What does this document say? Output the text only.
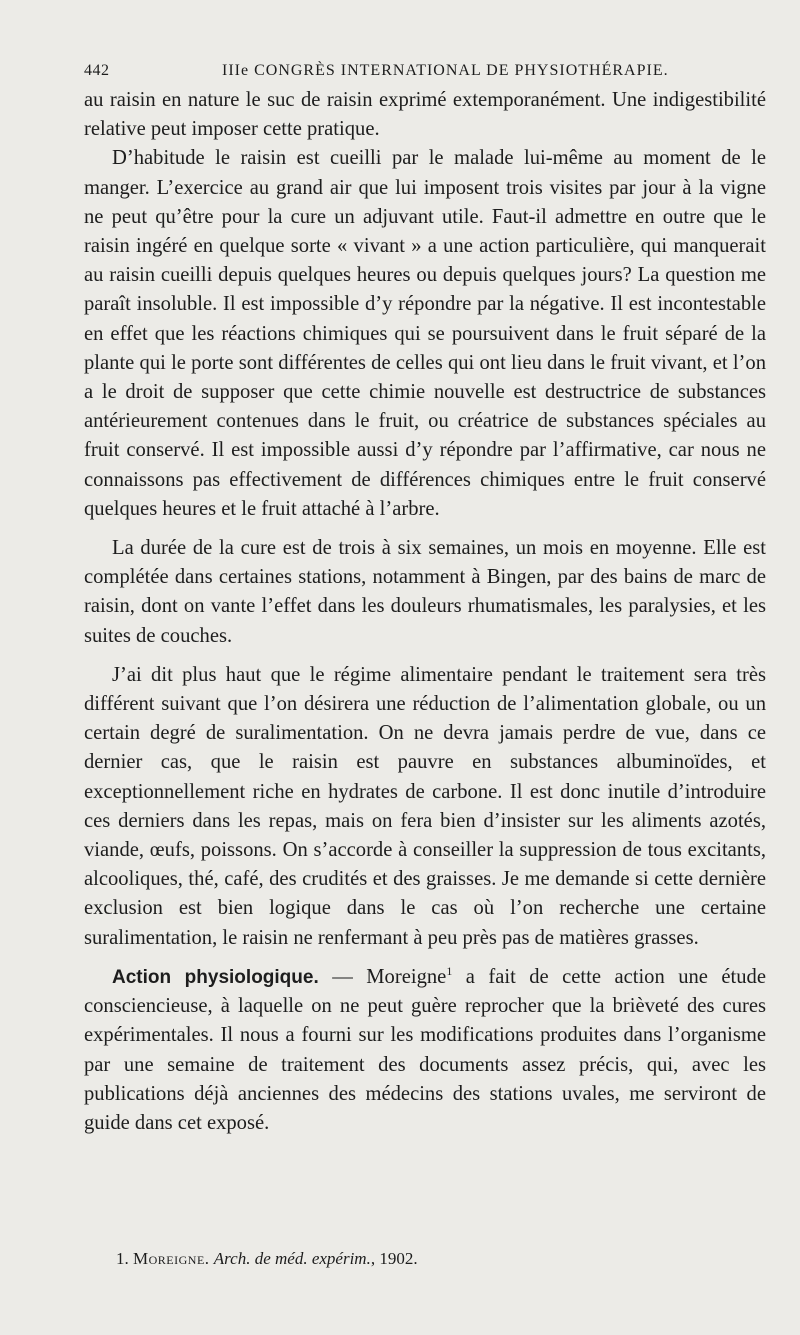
442	IIIe CONGRÈS INTERNATIONAL DE PHYSIOTHÉRAPIE.

au raisin en nature le suc de raisin exprimé extemporanément. Une indigestibilité relative peut imposer cette pratique.

D’habitude le raisin est cueilli par le malade lui-même au moment de le manger. L’exercice au grand air que lui imposent trois visites par jour à la vigne ne peut qu’être pour la cure un adjuvant utile. Faut-il admettre en outre que le raisin ingéré en quelque sorte « vivant » a une action particulière, qui manquerait au raisin cueilli depuis quelques heures ou depuis quelques jours? La question me paraît insoluble. Il est impossible d’y répondre par la négative. Il est incontestable en effet que les réactions chimiques qui se poursuivent dans le fruit séparé de la plante qui le porte sont différentes de celles qui ont lieu dans le fruit vivant, et l’on a le droit de supposer que cette chimie nouvelle est destructrice de substances antérieurement contenues dans le fruit, ou créatrice de substances spéciales au fruit conservé. Il est impossible aussi d’y répondre par l’affirmative, car nous ne connaissons pas effectivement de différences chimiques entre le fruit conservé quelques heures et le fruit attaché à l’arbre.

La durée de la cure est de trois à six semaines, un mois en moyenne. Elle est complétée dans certaines stations, notamment à Bingen, par des bains de marc de raisin, dont on vante l’effet dans les douleurs rhumatismales, les paralysies, et les suites de couches.

J’ai dit plus haut que le régime alimentaire pendant le traitement sera très différent suivant que l’on désirera une réduction de l’alimentation globale, ou un certain degré de suralimentation. On ne devra jamais perdre de vue, dans ce dernier cas, que le raisin est pauvre en substances albuminoïdes, et exceptionnellement riche en hydrates de carbone. Il est donc inutile d’introduire ces derniers dans les repas, mais on fera bien d’insister sur les aliments azotés, viande, œufs, poissons. On s’accorde à conseiller la suppression de tous excitants, alcooliques, thé, café, des crudités et des graisses. Je me demande si cette dernière exclusion est bien logique dans le cas où l’on recherche une certaine suralimentation, le raisin ne renfermant à peu près pas de matières grasses.

Action physiologique. — Moreigne$^1$ a fait de cette action une étude consciencieuse, à laquelle on ne peut guère reprocher que la brièveté des cures expérimentales. Il nous a fourni sur les modifications produites dans l’organisme par une semaine de traitement des documents assez précis, qui, avec les publications déjà anciennes des médecins des stations uvales, me serviront de guide dans cet exposé.

1. Moreigne. Arch. de méd. expérim., 1902.
